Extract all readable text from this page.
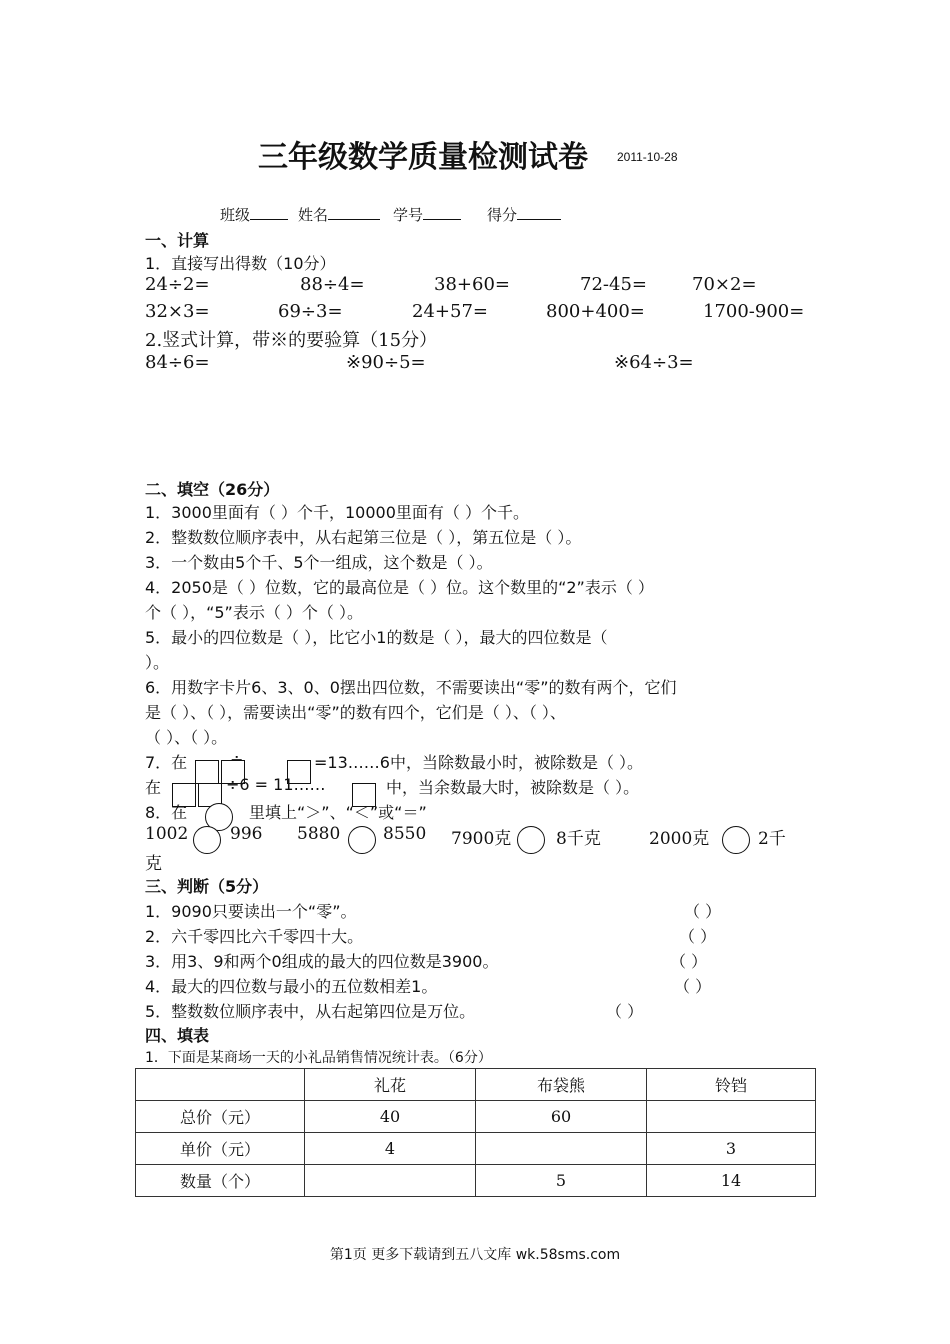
三年级数学质量检测试卷 2011-10-28
班级	姓名	学号	得分
一、计算
1．直接写出得数（10分）
24÷2=	88÷4=	38+60=	72-45=	70×2=
32×3=	69÷3=	24+57=	800+400=	1700-900=
2.竖式计算，带※的要验算（15分）
84÷6=	※90÷5=	※64÷3=
二、填空（26分）
1．3000里面有（ ）个千，10000里面有（ ）个千。
2．整数数位顺序表中，从右起第三位是（ ），第五位是（ ）。
3．一个数由5个千、5个一组成，这个数是（ ）。
4．2050是（ ）位数，它的最高位是（ ）位。这个数里的“2”表示（ ）
个（ ），“5”表示（ ）个（ ）。
5．最小的四位数是（ ），比它小1的数是（ ），最大的四位数是（
）。
6．用数字卡片6、3、0、0摆出四位数，不需要读出“零”的数有两个，它们
是（ ）、（ ），需要读出“零”的数有四个，它们是（ ）、（ ）、
（ ）、（ ）。
7．在	=13……6中，当除数最小时，被除数是（ ）。
在	÷6 = 11……	中，当余数最大时，被除数是（ ）。
8．在	里填上“＞”、“＜”或“＝”
1002 996 5880	8550 7900克	8千克	2000克	2千
克
三、判断（5分）
1．9090只要读出一个“零”。
2．六千零四比六千零四十大。
3．用3、9和两个0组成的最大的四位数是3900。
4．最大的四位数与最小的五位数相差1。
5．整数数位顺序表中，从右起第四位是万位。
（ ）
（ ）
（ ）
（ ）
（ ）
四、填表
1．下面是某商场一天的小礼品销售情况统计表。（6分）
	礼花	布袋熊	铃铛
总价（元）	40	60	
单价（元）	4		3
数量（个）		5	14
第1页 更多下载请到五八文库 wk.58sms.com
